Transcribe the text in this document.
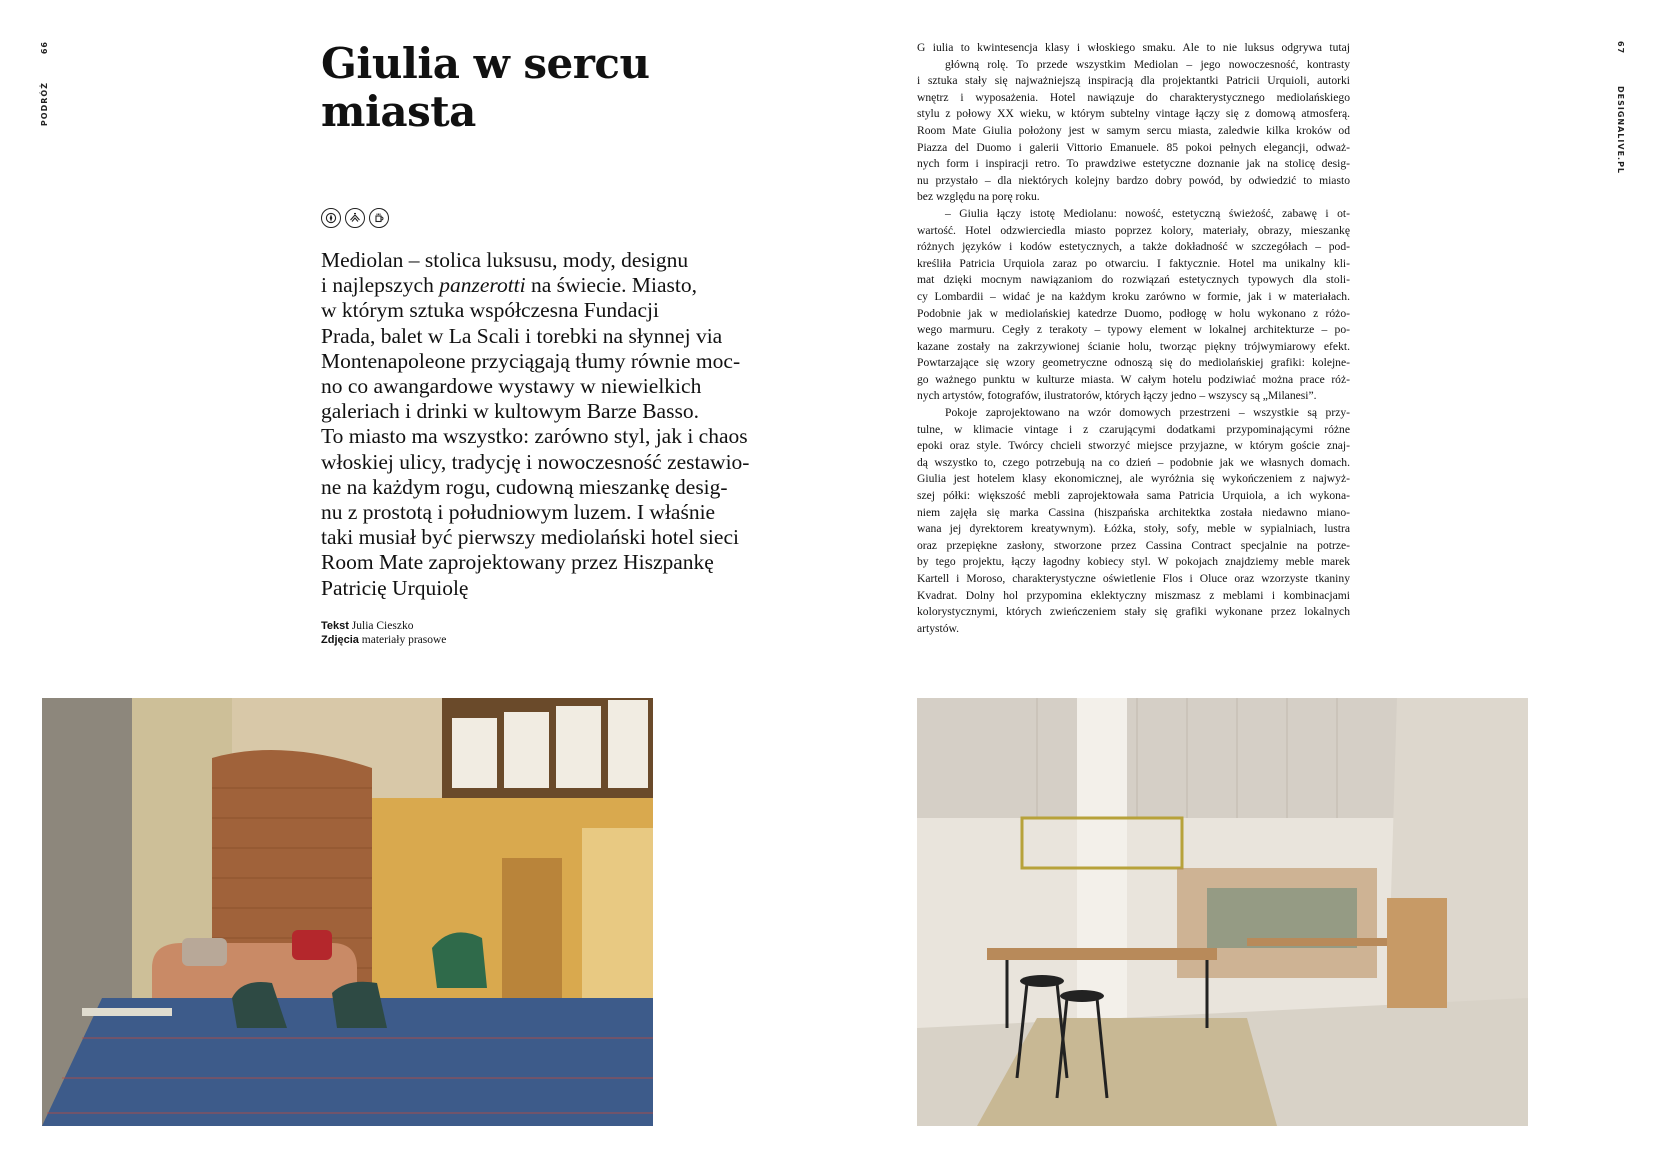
66
PODRÓŻ
67
DESIGNALIVE.PL
Giulia w sercu
miasta

Mediolan – stolica luksusu, mody, designu
i najlepszych panzerotti na świecie. Miasto,
w którym sztuka współczesna Fundacji
Prada, balet w La Scali i torebki na słynnej via
Montenapoleone przyciągają tłumy równie moc-
no co awangardowe wystawy w niewielkich
galeriach i drinki w kultowym Barze Basso.
To miasto ma wszystko: zarówno styl, jak i chaos
włoskiej ulicy, tradycję i nowoczesność zestawio-
ne na każdym rogu, cudowną mieszankę desig-
nu z prostotą i południowym luzem. I właśnie
taki musiał być pierwszy mediolański hotel sieci
Room Mate zaprojektowany przez Hiszpankę
Patricię Urquiolę

Tekst Julia Cieszko
Zdjęcia materiały prasowe
G iulia to kwintesencja klasy i włoskiego smaku. Ale to nie luksus odgrywa tutaj
główną rolę. To przede wszystkim Mediolan – jego nowoczesność, kontrasty
i sztuka stały się najważniejszą inspiracją dla projektantki Patricii Urquioli, autorki
wnętrz i wyposażenia. Hotel nawiązuje do charakterystycznego mediolańskiego
stylu z połowy XX wieku, w którym subtelny vintage łączy się z domową atmosferą.
Room Mate Giulia położony jest w samym sercu miasta, zaledwie kilka kroków od
Piazza del Duomo i galerii Vittorio Emanuele. 85 pokoi pełnych elegancji, odważ-
nych form i inspiracji retro. To prawdziwe estetyczne doznanie jak na stolicę desig-
nu przystało – dla niektórych kolejny bardzo dobry powód, by odwiedzić to miasto
bez względu na porę roku.
– Giulia łączy istotę Mediolanu: nowość, estetyczną świeżość, zabawę i ot-
wartość. Hotel odzwierciedla miasto poprzez kolory, materiały, obrazy, mieszankę
różnych języków i kodów estetycznych, a także dokładność w szczegółach – pod-
kreśliła Patricia Urquiola zaraz po otwarciu. I faktycznie. Hotel ma unikalny kli-
mat dzięki mocnym nawiązaniom do rozwiązań estetycznych typowych dla stoli-
cy Lombardii – widać je na każdym kroku zarówno w formie, jak i w materiałach.
Podobnie jak w mediolańskiej katedrze Duomo, podłogę w holu wykonano z różo-
wego marmuru. Cegły z terakoty – typowy element w lokalnej architekturze – po-
kazane zostały na zakrzywionej ścianie holu, tworząc piękny trójwymiarowy efekt.
Powtarzające się wzory geometryczne odnoszą się do mediolańskiej grafiki: kolejne-
go ważnego punktu w kulturze miasta. W całym hotelu podziwiać można prace róż-
nych artystów, fotografów, ilustratorów, których łączy jedno – wszyscy są „Milanesi”.
Pokoje zaprojektowano na wzór domowych przestrzeni – wszystkie są przy-
tulne, w klimacie vintage i z czarującymi dodatkami przypominającymi różne
epoki oraz style. Twórcy chcieli stworzyć miejsce przyjazne, w którym goście znaj-
dą wszystko to, czego potrzebują na co dzień – podobnie jak we własnych domach.
Giulia jest hotelem klasy ekonomicznej, ale wyróżnia się wykończeniem z najwyż-
szej półki: większość mebli zaprojektowała sama Patricia Urquiola, a ich wykona-
niem zajęła się marka Cassina (hiszpańska architektka została niedawno miano-
wana jej dyrektorem kreatywnym). Łóżka, stoły, sofy, meble w sypialniach, lustra
oraz przepiękne zasłony, stworzone przez Cassina Contract specjalnie na potrze-
by tego projektu, łączy łagodny kobiecy styl. W pokojach znajdziemy meble marek
Kartell i Moroso, charakterystyczne oświetlenie Flos i Oluce oraz wzorzyste tkaniny
Kvadrat. Dolny hol przypomina eklektyczny miszmasz z meblami i kombinacjami
kolorystycznymi, których zwieńczeniem stały się grafiki wykonane przez lokalnych
artystów.
